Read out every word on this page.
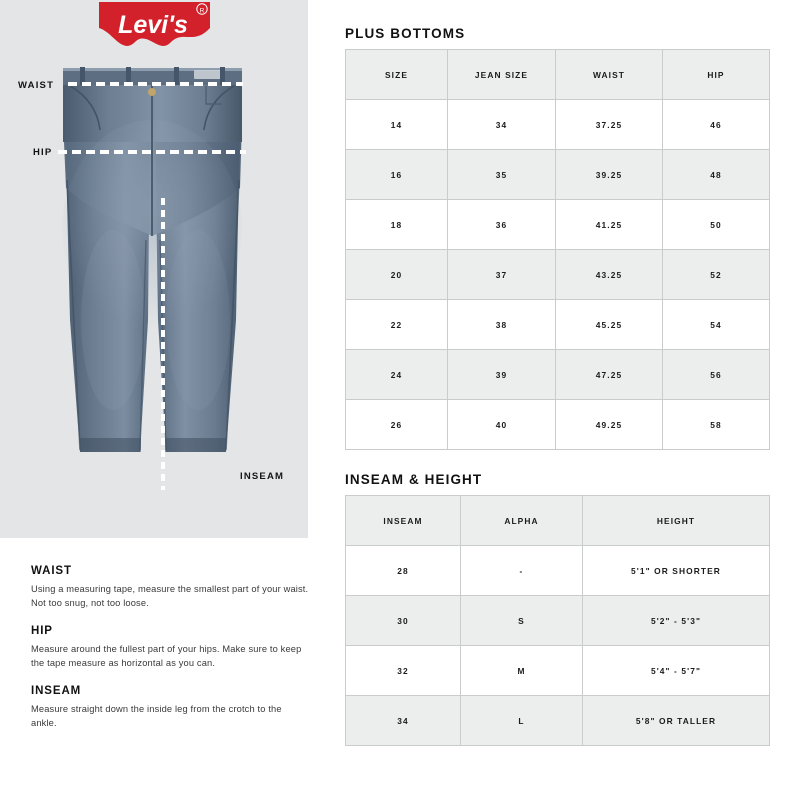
Levi's R
WAIST
HIP
INSEAM
WAIST
Using a measuring tape, measure the smallest part of your waist. Not too snug, not too loose.
HIP
Measure around the fullest part of your hips. Make sure to keep the tape measure as horizontal as you can.
INSEAM
Measure straight down the inside leg from the crotch to the ankle.
PLUS BOTTOMS
SIZE	JEAN SIZE	WAIST	HIP
14	34	37.25	46
16	35	39.25	48
18	36	41.25	50
20	37	43.25	52
22	38	45.25	54
24	39	47.25	56
26	40	49.25	58
INSEAM & HEIGHT
INSEAM	ALPHA	HEIGHT
28	-	5'1" OR SHORTER
30	S	5'2" - 5'3"
32	M	5'4" - 5'7"
34	L	5'8" OR TALLER
